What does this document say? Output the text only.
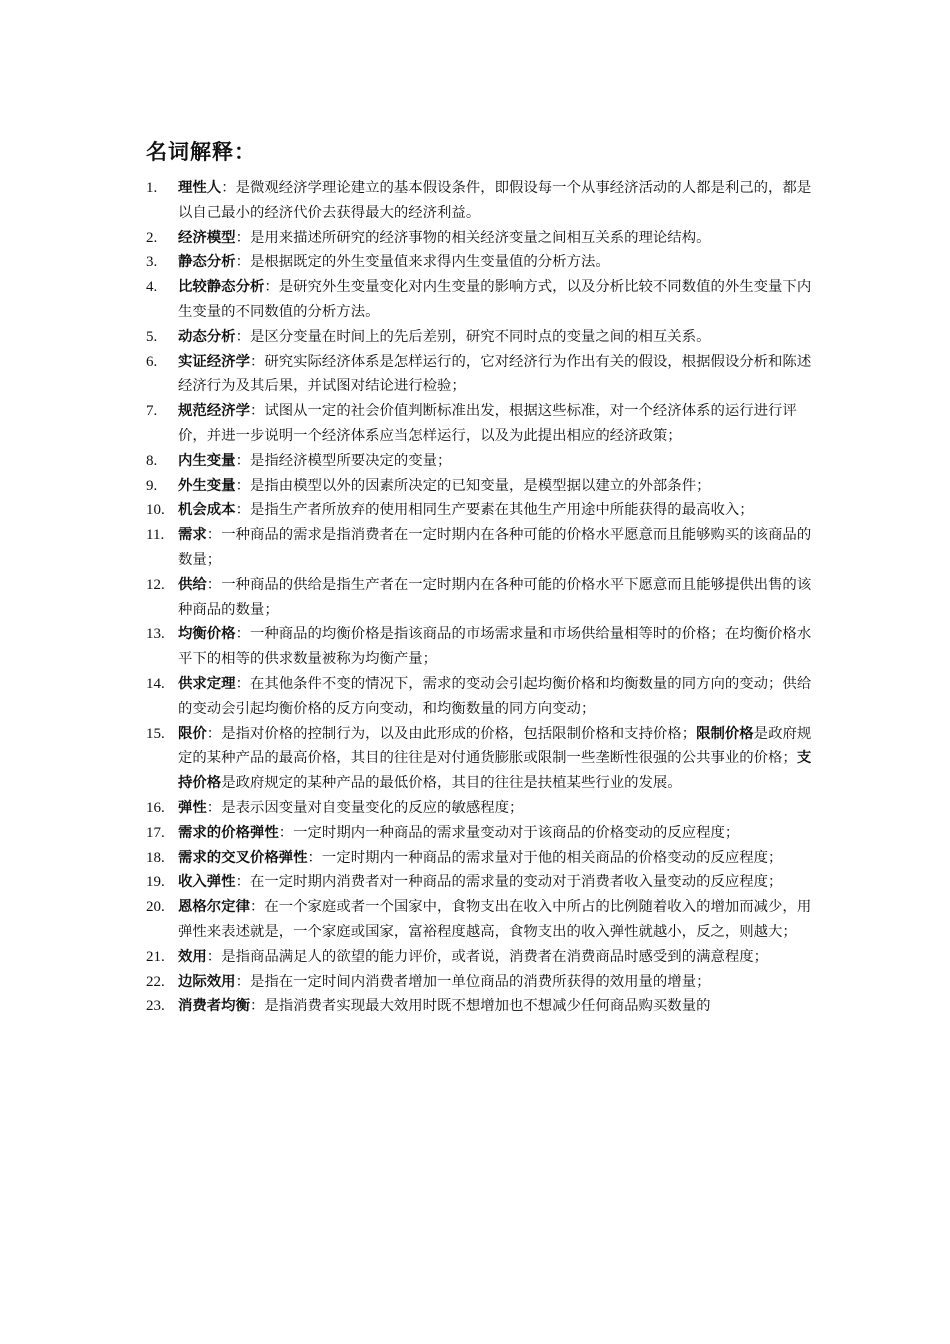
名词解释：
1. 理性人：是微观经济学理论建立的基本假设条件，即假设每一个从事经济活动的人都是利己的，都是以自己最小的经济代价去获得最大的经济利益。
2. 经济模型：是用来描述所研究的经济事物的相关经济变量之间相互关系的理论结构。
3. 静态分析：是根据既定的外生变量值来求得内生变量值的分析方法。
4. 比较静态分析：是研究外生变量变化对内生变量的影响方式，以及分析比较不同数值的外生变量下内生变量的不同数值的分析方法。
5. 动态分析：是区分变量在时间上的先后差别，研究不同时点的变量之间的相互关系。
6. 实证经济学：研究实际经济体系是怎样运行的，它对经济行为作出有关的假设，根据假设分析和陈述经济行为及其后果，并试图对结论进行检验；
7. 规范经济学：试图从一定的社会价值判断标准出发，根据这些标准，对一个经济体系的运行进行评价，并进一步说明一个经济体系应当怎样运行，以及为此提出相应的经济政策；
8. 内生变量：是指经济模型所要决定的变量；
9. 外生变量：是指由模型以外的因素所决定的已知变量，是模型据以建立的外部条件；
10. 机会成本：是指生产者所放弃的使用相同生产要素在其他生产用途中所能获得的最高收入；
11. 需求：一种商品的需求是指消费者在一定时期内在各种可能的价格水平愿意而且能够购买的该商品的数量；
12. 供给：一种商品的供给是指生产者在一定时期内在各种可能的价格水平下愿意而且能够提供出售的该种商品的数量；
13. 均衡价格：一种商品的均衡价格是指该商品的市场需求量和市场供给量相等时的价格；在均衡价格水平下的相等的供求数量被称为均衡产量；
14. 供求定理：在其他条件不变的情况下，需求的变动会引起均衡价格和均衡数量的同方向的变动；供给的变动会引起均衡价格的反方向变动，和均衡数量的同方向变动；
15. 限价：是指对价格的控制行为，以及由此形成的价格，包括限制价格和支持价格；限制价格是政府规定的某种产品的最高价格，其目的往往是对付通货膨胀或限制一些垄断性很强的公共事业的价格；支持价格是政府规定的某种产品的最低价格，其目的往往是扶植某些行业的发展。
16. 弹性：是表示因变量对自变量变化的反应的敏感程度；
17. 需求的价格弹性：一定时期内一种商品的需求量变动对于该商品的价格变动的反应程度；
18. 需求的交叉价格弹性：一定时期内一种商品的需求量对于他的相关商品的价格变动的反应程度；
19. 收入弹性：在一定时期内消费者对一种商品的需求量的变动对于消费者收入量变动的反应程度；
20. 恩格尔定律：在一个家庭或者一个国家中，食物支出在收入中所占的比例随着收入的增加而减少，用弹性来表述就是，一个家庭或国家，富裕程度越高，食物支出的收入弹性就越小，反之，则越大；
21. 效用：是指商品满足人的欲望的能力评价，或者说，消费者在消费商品时感受到的满意程度；
22. 边际效用：是指在一定时间内消费者增加一单位商品的消费所获得的效用量的增量；
23. 消费者均衡：是指消费者实现最大效用时既不想增加也不想减少任何商品购买数量的
